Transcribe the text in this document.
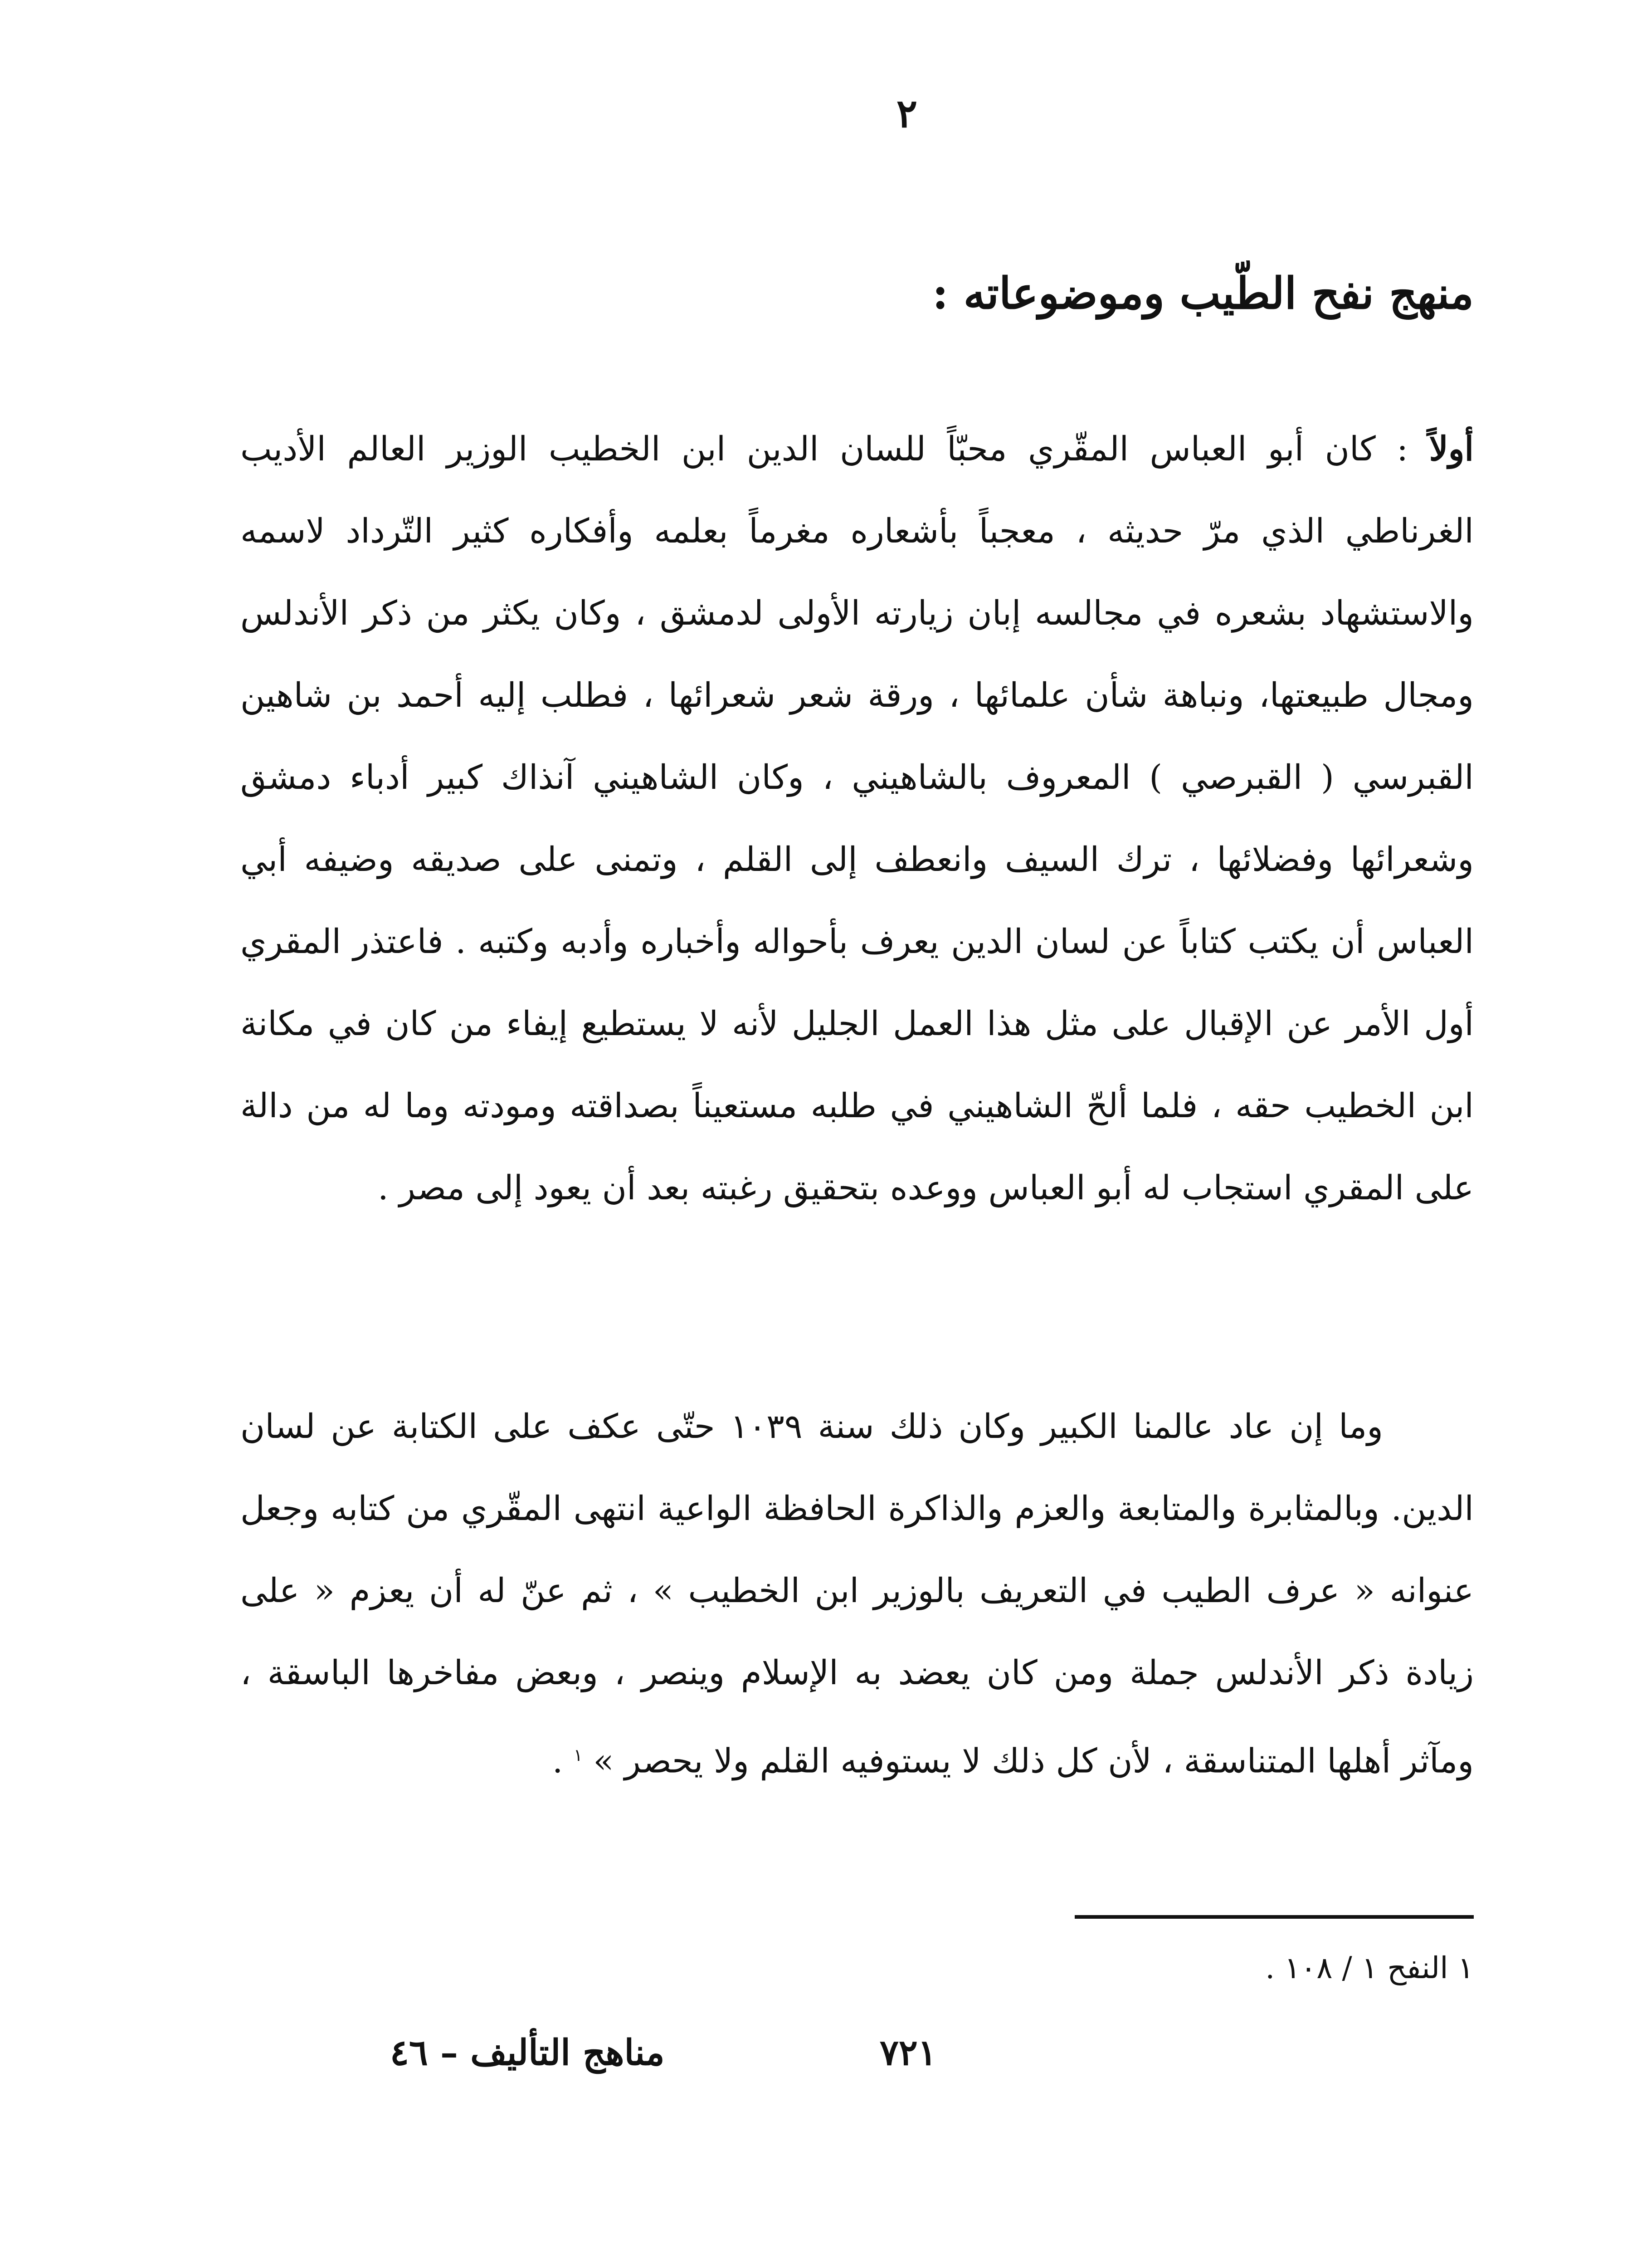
٢
منهج نفح الطّيب وموضوعاته :

أولاً : كان أبو العباس المقّري محبّاً للسان الدين ابن الخطيب الوزير العالم الأديب الغرناطي الذي مرّ حديثه ، معجباً بأشعاره مغرماً بعلمه وأفكاره كثير التّرداد لاسمه والاستشهاد بشعره في مجالسه إبان زيارته الأولى لدمشق ، وكان يكثر من ذكر الأندلس ومجال طبيعتها، ونباهة شأن علمائها ، ورقة شعر شعرائها ، فطلب إليه أحمد بن شاهين القبرسي ( القبرصي ) المعروف بالشاهيني ، وكان الشاهيني آنذاك كبير أدباء دمشق وشعرائها وفضلائها ، ترك السيف وانعطف إلى القلم ، وتمنى على صديقه وضيفه أبي العباس أن يكتب كتاباً عن لسان الدين يعرف بأحواله وأخباره وأدبه وكتبه . فاعتذر المقري أول الأمر عن الإقبال على مثل هذا العمل الجليل لأنه لا يستطيع إيفاء من كان في مكانة ابن الخطيب حقه ، فلما ألحّ الشاهيني في طلبه مستعيناً بصداقته ومودته وما له من دالة على المقري استجاب له أبو العباس ووعده بتحقيق رغبته بعد أن يعود إلى مصر .

وما إن عاد عالمنا الكبير وكان ذلك سنة ١٠٣٩ حتّى عكف على الكتابة عن لسان الدين. وبالمثابرة والمتابعة والعزم والذاكرة الحافظة الواعية انتهى المقّري من كتابه وجعل عنوانه « عرف الطيب في التعريف بالوزير ابن الخطيب » ، ثم عنّ له أن يعزم « على زيادة ذكر الأندلس جملة ومن كان يعضد به الإسلام وينصر ، وبعض مفاخرها الباسقة ، ومآثر أهلها المتناسقة ، لأن كل ذلك لا يستوفيه القلم ولا يحصر » $^١$ .

١ النفح ١ / ١٠٨ .
٧٢١
مناهج التأليف – ٤٦
